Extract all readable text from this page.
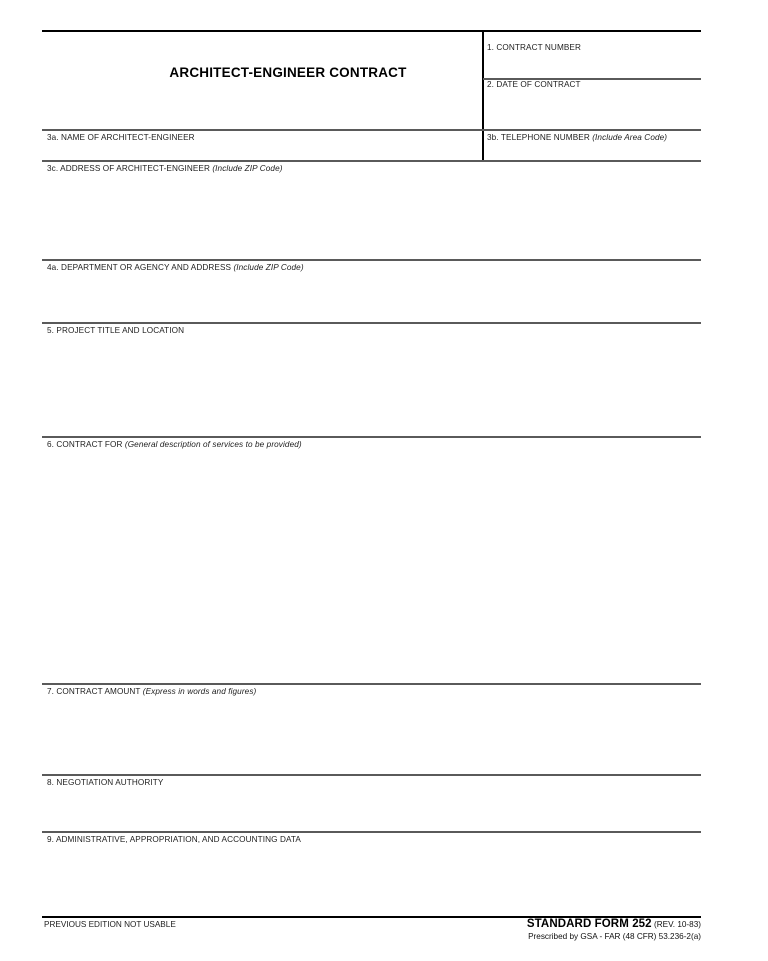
1. CONTRACT NUMBER
2. DATE OF CONTRACT
ARCHITECT-ENGINEER CONTRACT
3a. NAME OF ARCHITECT-ENGINEER	3b. TELEPHONE NUMBER (Include Area Code)
3c. ADDRESS OF ARCHITECT-ENGINEER (Include ZIP Code)
4a. DEPARTMENT OR AGENCY AND ADDRESS (Include ZIP Code)
5. PROJECT TITLE AND LOCATION
6. CONTRACT FOR (General description of services to be provided)
7. CONTRACT AMOUNT (Express in words and figures)
8. NEGOTIATION AUTHORITY
9. ADMINISTRATIVE, APPROPRIATION, AND ACCOUNTING DATA
PREVIOUS EDITION NOT USABLE	STANDARD FORM 252 (REV. 10-83)
Prescribed by GSA - FAR (48 CFR) 53.236-2(a)
